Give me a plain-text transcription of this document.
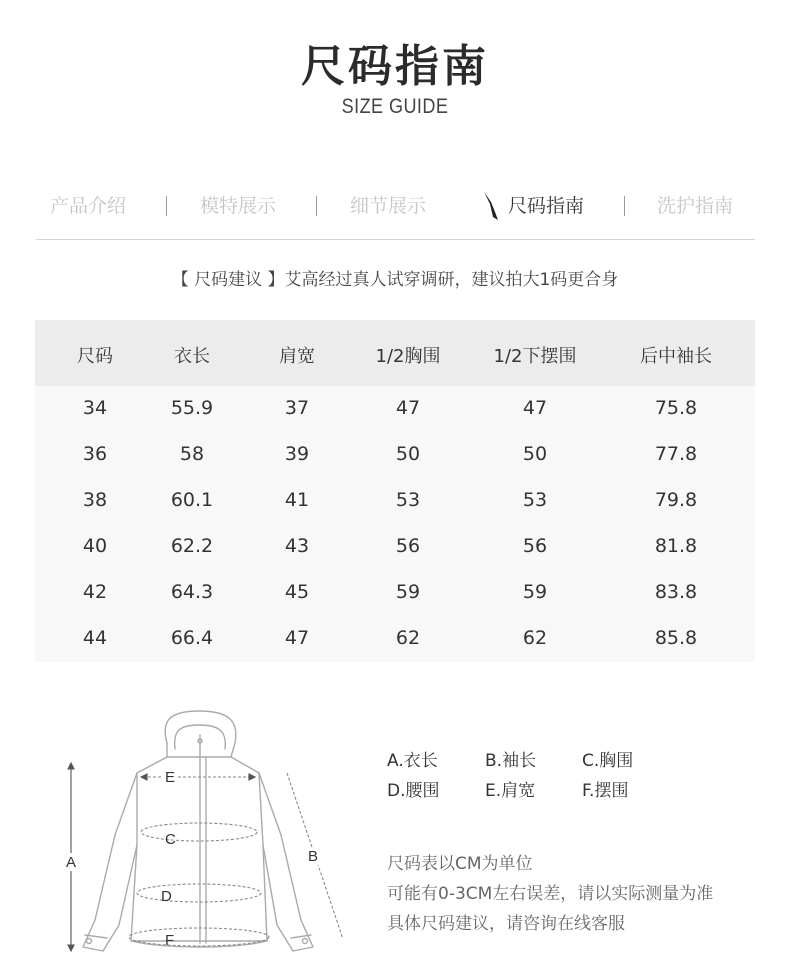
尺码指南
SIZE GUIDE
产品介绍	模特展示	细节展示	尺码指南	洗护指南
【 尺码建议 】艾高经过真人试穿调研，建议拍大1码更合身
尺码	衣长	肩宽	1/2胸围	1/2下摆围	后中袖长
34	55.9	37	47	47	75.8
36	58	39	50	50	77.8
38	60.1	41	53	53	79.8
40	62.2	43	56	56	81.8
42	64.3	45	59	59	83.8
44	66.4	47	62	62	85.8
A	B
C
D
E
F
A.衣长	B.袖长	C.胸围
D.腰围	E.肩宽	F.摆围
尺码表以CM为单位
可能有0-3CM左右误差，请以实际测量为准
具体尺码建议，请咨询在线客服
